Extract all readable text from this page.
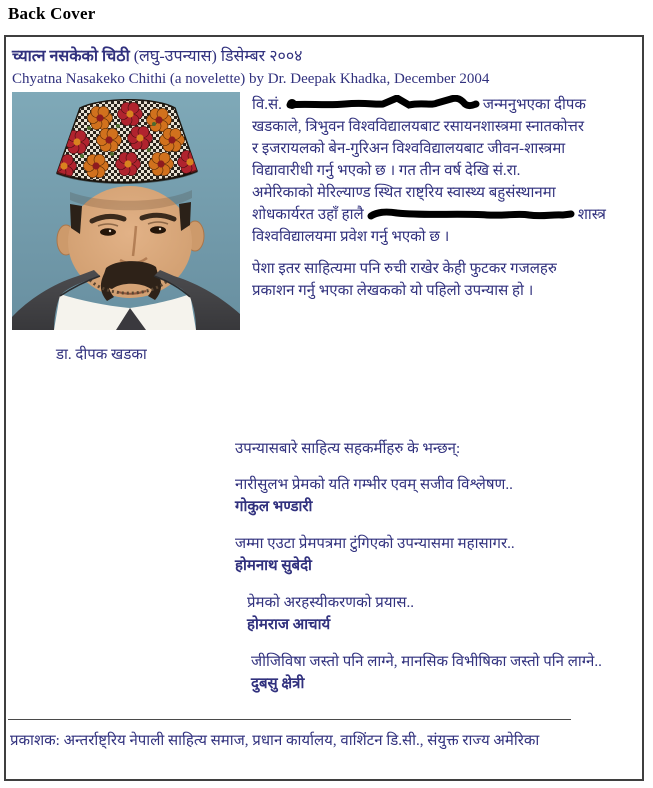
Back Cover
च्यात्न नसकेको चिठी (लघु-उपन्यास) डिसेम्बर २००४
Chyatna Nasakeko Chithi (a novelette) by Dr. Deepak Khadka, December 2004
वि.सं.	जन्मनुभएका दीपक
खडकाले, त्रिभुवन विश्वविद्यालयबाट रसायनशास्त्रमा स्नातकोत्तर
र इजरायलको बेन-गुरिअन विश्वविद्यालयबाट जीवन-शास्त्रमा
विद्यावारीधी गर्नु भएको छ । गत तीन वर्ष देखि सं.रा.
अमेरिकाको मेरिल्याण्ड स्थित राष्ट्रिय स्वास्थ्य बहुसंस्थानमा
शोधकार्यरत उहाँ हालै	शास्त्र
विश्वविद्यालयमा प्रवेश गर्नु भएको छ ।
पेशा इतर साहित्यमा पनि रुची राखेर केही फुटकर गजलहरु
प्रकाशन गर्नु भएका लेखकको यो पहिलो उपन्यास हो ।
डा. दीपक खडका
उपन्यासबारे साहित्य सहकर्मीहरु के भन्छन्:
नारीसुलभ प्रेमको यति गम्भीर एवम् सजीव विश्लेषण..
गोकुल भण्डारी
जम्मा एउटा प्रेमपत्रमा टुंगिएको उपन्यासमा महासागर..
होमनाथ सुबेदी
प्रेमको अरहस्यीकरणको प्रयास..
होमराज आचार्य
जीजिविषा जस्तो पनि लाग्ने, मानसिक विभीषिका जस्तो पनि लाग्ने..
दुबसु क्षेत्री
प्रकाशक: अन्तर्राष्ट्रिय नेपाली साहित्य समाज, प्रधान कार्यालय, वाशिंटन डि.सी., संयुक्त राज्य अमेरिका
